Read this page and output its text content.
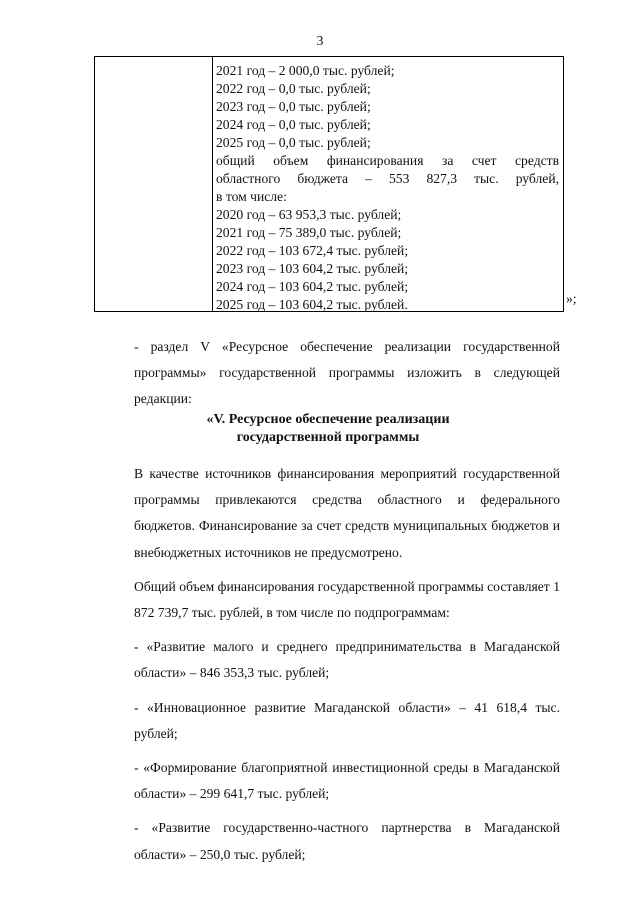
3
2021 год – 2 000,0 тыс. рублей;
2022 год – 0,0 тыс. рублей;
2023 год – 0,0 тыс. рублей;
2024 год – 0,0 тыс. рублей;
2025 год – 0,0 тыс. рублей;
общий объем финансирования за счет средств
областного бюджета – 553 827,3 тыс. рублей,
в том числе:
2020 год – 63 953,3 тыс. рублей;
2021 год – 75 389,0 тыс. рублей;
2022 год – 103 672,4 тыс. рублей;
2023 год – 103 604,2 тыс. рублей;
2024 год – 103 604,2 тыс. рублей;
2025 год – 103 604,2 тыс. рублей.	»;
- раздел V «Ресурсное обеспечение реализации государственной программы» государственной программы изложить в следующей редакции:
«V. Ресурсное обеспечение реализации
государственной программы
В качестве источников финансирования мероприятий государственной программы привлекаются средства областного и федерального бюджетов. Финансирование за счет средств муниципальных бюджетов и внебюджетных источников не предусмотрено.
Общий объем финансирования государственной программы составляет 1 872 739,7 тыс. рублей, в том числе по подпрограммам:
- «Развитие малого и среднего предпринимательства в Магаданской области» – 846 353,3 тыс. рублей;
- «Инновационное развитие Магаданской области» – 41 618,4 тыс. рублей;
- «Формирование благоприятной инвестиционной среды в Магаданской области» – 299 641,7 тыс. рублей;
- «Развитие государственно-частного партнерства в Магаданской области» – 250,0 тыс. рублей;
